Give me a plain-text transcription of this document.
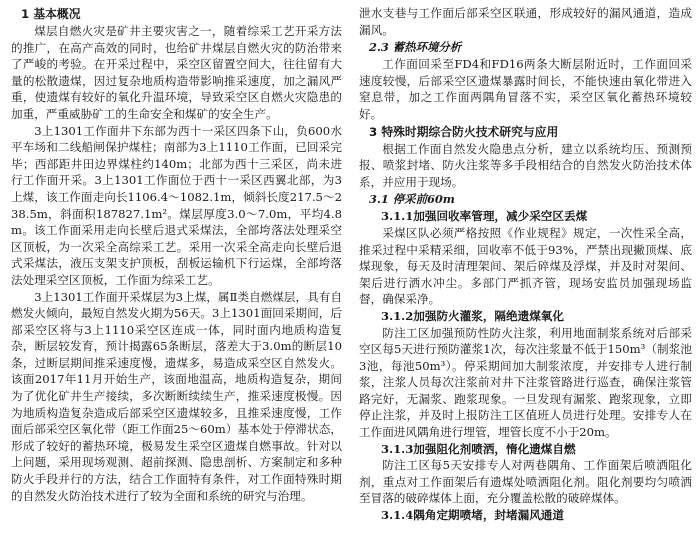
1 基本概况

煤层自燃火灾是矿井主要灾害之一，随着综采工艺开采方法的推广，在高产高效的同时，也给矿井煤层自燃火灾的防治带来了严峻的考验。在开采过程中，采空区留置空间大，往往留有大量的松散遗煤，因过复杂地质构造带影响推采速度，加之漏风严重，使遗煤有较好的氧化升温环境，导致采空区自燃火灾隐患的加重，严重威胁矿工的生命安全和煤矿的安全生产。

3上1301工作面井下东部为西十一采区四条下山，负600水平车场和二线船闸保护煤柱；南部为3上1110工作面，已回采完毕；西部距井田边界煤柱约140m；北部为西十三采区，尚未进行工作面开采。3上1301工作面位于西十一采区西翼北部，为3上煤，该工作面走向长1106.4～1082.1m，倾斜长度217.5～238.5m，斜面积187827.1m²。煤层厚度3.0～7.0m，平均4.8m。该工作面采用走向长壁后退式采煤法，全部垮落法处理采空区顶板，为一次采全高综采工艺。采用一次采全高走向长壁后退式采煤法，液压支架支护顶板，刮板运输机下行运煤，全部垮落法处理采空区顶板，工作面为综采工艺。

3上1301工作面开采煤层为3上煤，属Ⅱ类自燃煤层，具有自燃发火倾向，最短自然发火期为56天。3上1301面回采期间，后部采空区将与3上1110采空区连成一体，同时面内地质构造复杂，断层较发育，预计揭露65条断层，落差大于3.0m的断层10条，过断层期间推采速度慢，遗煤多，易造成采空区自然发火。该面2017年11月开始生产，该面地温高，地质构造复杂，期间为了优化矿井生产接续，多次断断续续生产，推采速度极慢。因为地质构造复杂造成后部采空区遗煤较多，且推采速度慢，工作面后部采空区氧化带（距工作面25～60m）基本处于停滞状态，形成了较好的蓄热环境，极易发生采空区遗煤自燃事故。针对以上问题，采用现场观测、超前探测、隐患剖析、方案制定和多种防火手段并行的方法，结合工作面特有条件，对工作面特殊时期的自然发火防治技术进行了较为全面和系统的研究与治理。

泄水支巷与工作面后部采空区联通，形成较好的漏风通道，造成漏风。

2.3 蓄热环境分析

工作面回采至FD4和FD16两条大断层附近时，工作面回采速度较慢，后部采空区遗煤暴露时间长，不能快速由氧化带进入窒息带，加之工作面两隅角冒落不实，采空区氧化蓄热环境较好。

3 特殊时期综合防火技术研究与应用

根据工作面自然发火隐患点分析，建立以系统均压、预测预报、喷浆封堵、防火注浆等多手段相结合的自然发火防治技术体系，并应用于现场。

3.1 停采前60m
3.1.1加强回收率管理，减少采空区丢煤

采煤区队必须严格按照《作业规程》规定，一次性采全高，推采过程中采精采细，回收率不低于93%，严禁出现撇顶煤、底煤现象，每天及时清理架间、架后碎煤及浮煤，并及时对架间、架后进行洒水冲尘。多部门严抓齐管，现场安监员加强现场监督，确保采净。

3.1.2加强防火灌浆，隔绝遗煤氧化

防注工区加强预防性防火注浆，利用地面制浆系统对后部采空区每5天进行预防灌浆1次，每次注浆量不低于150m³（制浆池3池，每池50m³）。停采期间加大制浆浓度，并安排专人进行制浆，注浆人员每次注浆前对井下注浆管路进行巡查，确保注浆管路完好，无漏浆、跑浆现象。一旦发现有漏浆、跑浆现象，立即停止注浆，并及时上报防注工区值班人员进行处理。安排专人在工作面进风隅角进行埋管，埋管长度不小于20m。

3.1.3加强阻化剂喷洒，惰化遗煤自燃

防注工区每5天安排专人对两巷隅角、工作面架后喷洒阻化剂，重点对工作面架后有遗煤处喷洒阻化剂。阻化剂要均匀喷洒至冒落的破碎煤体上面，充分覆盖松散的破碎煤体。

3.1.4隅角定期喷堵，封堵漏风通道
